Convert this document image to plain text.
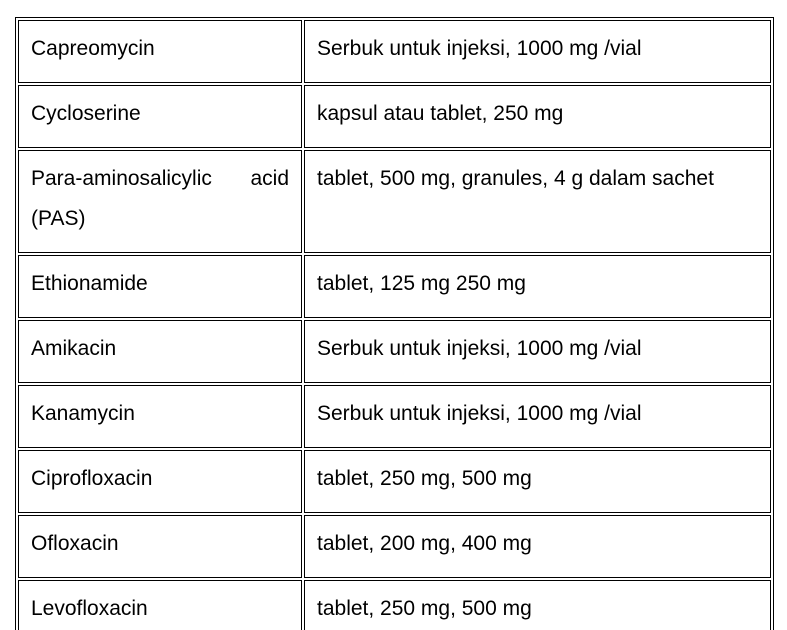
Capreomycin	Serbuk untuk injeksi, 1000 mg /vial

Cycloserine	kapsul atau tablet, 250 mg

Para-aminosalicylic acid (PAS)	tablet, 500 mg, granules, 4 g dalam sachet

Ethionamide	tablet, 125 mg 250 mg

Amikacin	Serbuk untuk injeksi, 1000 mg /vial

Kanamycin	Serbuk untuk injeksi, 1000 mg /vial

Ciprofloxacin	tablet, 250 mg, 500 mg

Ofloxacin	tablet, 200 mg, 400 mg

Levofloxacin	tablet, 250 mg, 500 mg
